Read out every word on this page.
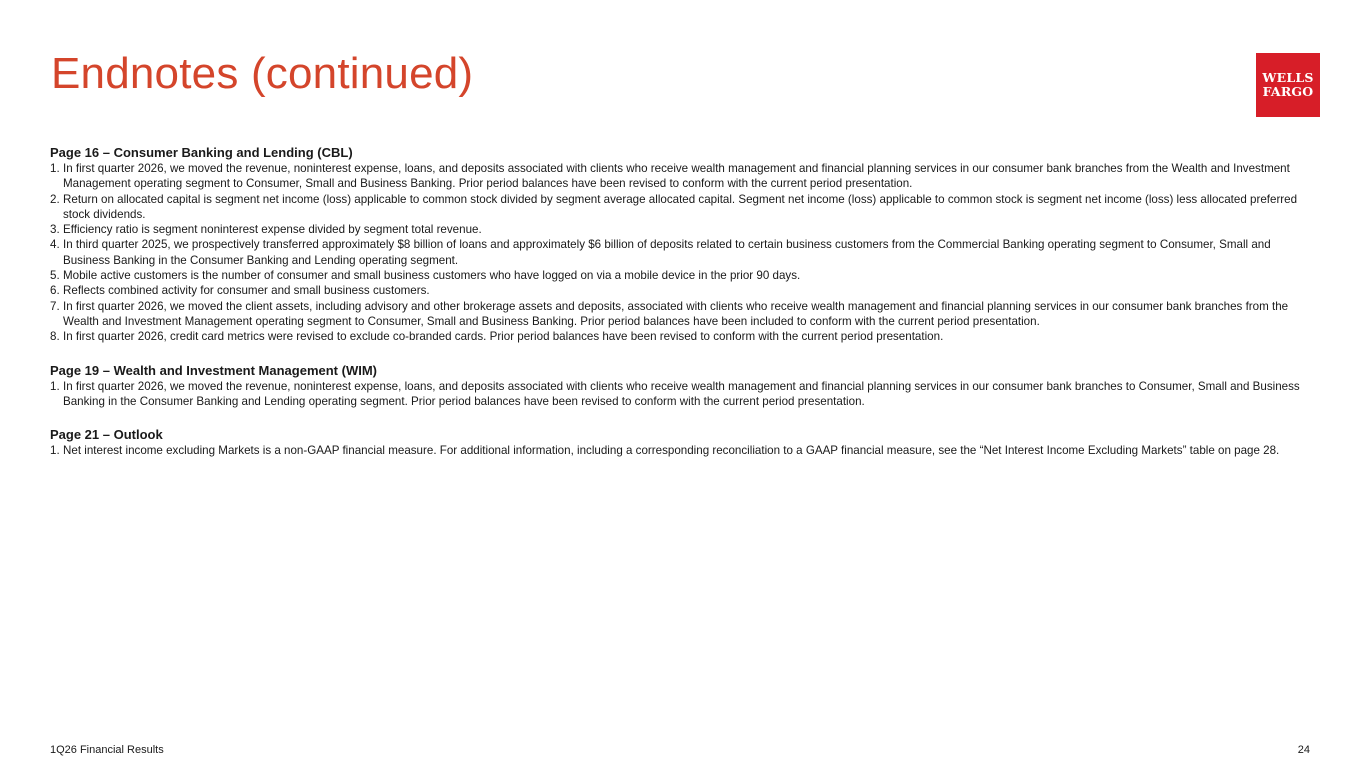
Endnotes (continued)	WELLS
FARGO

Page 16 – Consumer Banking and Lending (CBL)

1. In first quarter 2026, we moved the revenue, noninterest expense, loans, and deposits associated with clients who receive wealth management and financial planning services in our consumer bank branches from the Wealth and Investment Management operating segment to Consumer, Small and Business Banking. Prior period balances have been revised to conform with the current period presentation.
2. Return on allocated capital is segment net income (loss) applicable to common stock divided by segment average allocated capital. Segment net income (loss) applicable to common stock is segment net income (loss) less allocated preferred stock dividends.
3. Efficiency ratio is segment noninterest expense divided by segment total revenue.
4. In third quarter 2025, we prospectively transferred approximately $8 billion of loans and approximately $6 billion of deposits related to certain business customers from the Commercial Banking operating segment to Consumer, Small and Business Banking in the Consumer Banking and Lending operating segment.
5. Mobile active customers is the number of consumer and small business customers who have logged on via a mobile device in the prior 90 days.
6. Reflects combined activity for consumer and small business customers.
7. In first quarter 2026, we moved the client assets, including advisory and other brokerage assets and deposits, associated with clients who receive wealth management and financial planning services in our consumer bank branches from the Wealth and Investment Management operating segment to Consumer, Small and Business Banking. Prior period balances have been included to conform with the current period presentation.
8. In first quarter 2026, credit card metrics were revised to exclude co-branded cards. Prior period balances have been revised to conform with the current period presentation.

Page 19 – Wealth and Investment Management (WIM)

1. In first quarter 2026, we moved the revenue, noninterest expense, loans, and deposits associated with clients who receive wealth management and financial planning services in our consumer bank branches to Consumer, Small and Business Banking in the Consumer Banking and Lending operating segment. Prior period balances have been revised to conform with the current period presentation.

Page 21 – Outlook

1. Net interest income excluding Markets is a non-GAAP financial measure. For additional information, including a corresponding reconciliation to a GAAP financial measure, see the “Net Interest Income Excluding Markets” table on page 28.
1Q26 Financial Results	24
